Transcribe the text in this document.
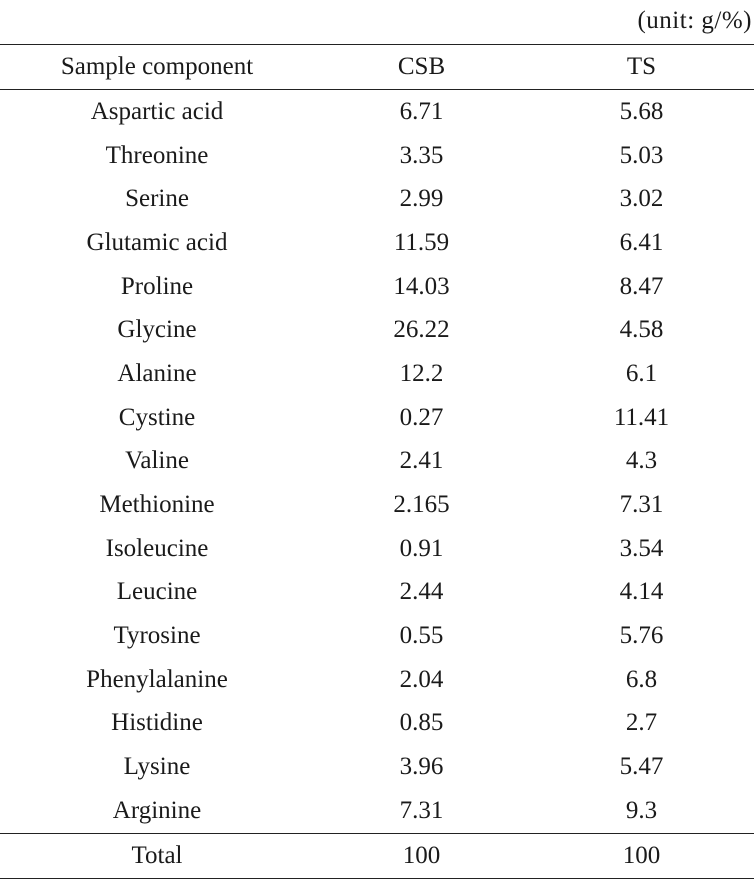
(unit: g/%)
Sample component	CSB	TS
Aspartic acid	6.71	5.68
Threonine	3.35	5.03
Serine	2.99	3.02
Glutamic acid	11.59	6.41
Proline	14.03	8.47
Glycine	26.22	4.58
Alanine	12.2	6.1
Cystine	0.27	11.41
Valine	2.41	4.3
Methionine	2.165	7.31
Isoleucine	0.91	3.54
Leucine	2.44	4.14
Tyrosine	0.55	5.76
Phenylalanine	2.04	6.8
Histidine	0.85	2.7
Lysine	3.96	5.47
Arginine	7.31	9.3
Total	100	100
